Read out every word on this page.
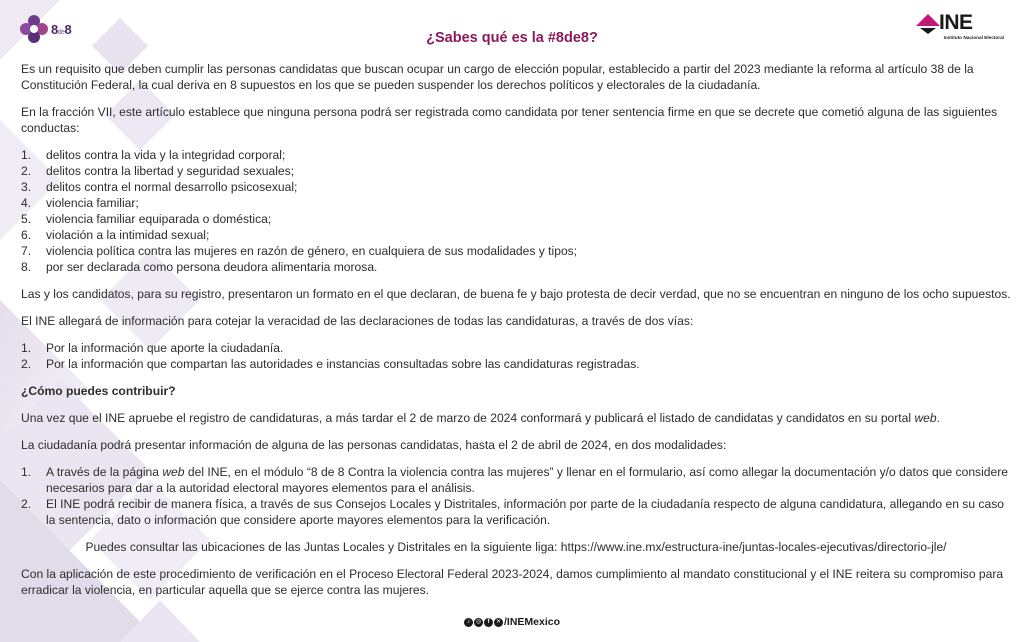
8de8	INE
Instituto Nacional Electoral
¿Sabes qué es la #8de8?

Es un requisito que deben cumplir las personas candidatas que buscan ocupar un cargo de elección popular, establecido a partir del 2023 mediante la reforma al artículo 38 de la Constitución Federal, la cual deriva en 8 supuestos en los que se pueden suspender los derechos políticos y electorales de la ciudadanía.

En la fracción VII, este artículo establece que ninguna persona podrá ser registrada como candidata por tener sentencia firme en que se decrete que cometió alguna de las siguientes conductas:

1. delitos contra la vida y la integridad corporal;
2. delitos contra la libertad y seguridad sexuales;
3. delitos contra el normal desarrollo psicosexual;
4. violencia familiar;
5. violencia familiar equiparada o doméstica;
6. violación a la intimidad sexual;
7. violencia política contra las mujeres en razón de género, en cualquiera de sus modalidades y tipos;
8. por ser declarada como persona deudora alimentaria morosa.

Las y los candidatos, para su registro, presentaron un formato en el que declaran, de buena fe y bajo protesta de decir verdad, que no se encuentran en ninguno de los ocho supuestos.

El INE allegará de información para cotejar la veracidad de las declaraciones de todas las candidaturas, a través de dos vías:

1. Por la información que aporte la ciudadanía.
2. Por la información que compartan las autoridades e instancias consultadas sobre las candidaturas registradas.

¿Cómo puedes contribuir?

Una vez que el INE apruebe el registro de candidaturas, a más tardar el 2 de marzo de 2024 conformará y publicará el listado de candidatas y candidatos en su portal web.

La ciudadanía podrá presentar información de alguna de las personas candidatas, hasta el 2 de abril de 2024, en dos modalidades:

1. A través de la página web del INE, en el módulo “8 de 8 Contra la violencia contra las mujeres” y llenar en el formulario, así como allegar la documentación y/o datos que considere necesarios para dar a la autoridad electoral mayores elementos para el análisis.
2. El INE podrá recibir de manera física, a través de sus Consejos Locales y Distritales, información por parte de la ciudadanía respecto de alguna candidatura, allegando en su caso la sentencia, dato o información que considere aporte mayores elementos para la verificación.

Puedes consultar las ubicaciones de las Juntas Locales y Distritales en la siguiente liga: https://www.ine.mx/estructura-ine/juntas-locales-ejecutivas/directorio-jle/

Con la aplicación de este procedimiento de verificación en el Proceso Electoral Federal 2023-2024, damos cumplimiento al mandato constitucional y el INE reitera su compromiso para erradicar la violencia, en particular aquella que se ejerce contra las mujeres.

♪ ◎	f	✕ /INEMexico
